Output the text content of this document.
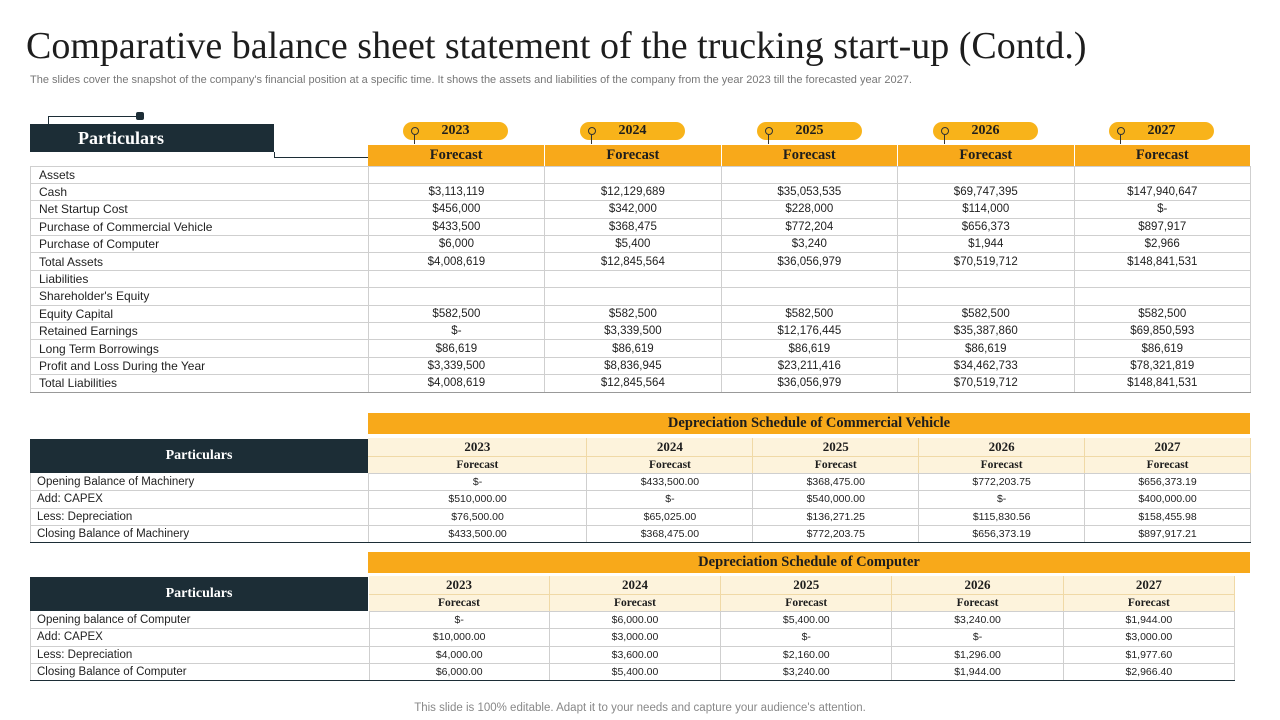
Comparative balance sheet statement of the trucking start-up (Contd.)
The slides cover the snapshot of the company's financial position at a specific time. It shows the assets and liabilities of the company from the year 2023 till the forecasted year 2027.
Particulars	2023	2024	2025	2026	2027
	Forecast	Forecast	Forecast	Forecast	Forecast
Assets					
Cash	$3,113,119	$12,129,689	$35,053,535	$69,747,395	$147,940,647
Net Startup Cost	$456,000	$342,000	$228,000	$114,000	$-
Purchase of Commercial Vehicle	$433,500	$368,475	$772,204	$656,373	$897,917
Purchase of Computer	$6,000	$5,400	$3,240	$1,944	$2,966
Total Assets	$4,008,619	$12,845,564	$36,056,979	$70,519,712	$148,841,531
Liabilities					
Shareholder's Equity					
Equity Capital	$582,500	$582,500	$582,500	$582,500	$582,500
Retained Earnings	$-	$3,339,500	$12,176,445	$35,387,860	$69,850,593
Long Term Borrowings	$86,619	$86,619	$86,619	$86,619	$86,619
Profit and Loss During the Year	$3,339,500	$8,836,945	$23,211,416	$34,462,733	$78,321,819
Total Liabilities	$4,008,619	$12,845,564	$36,056,979	$70,519,712	$148,841,531
Depreciation Schedule of Commercial Vehicle
Particulars
	2023	2024	2025	2026	2027
	Forecast	Forecast	Forecast	Forecast	Forecast
Opening Balance of Machinery	$-	$433,500.00	$368,475.00	$772,203.75	$656,373.19
Add: CAPEX	$510,000.00	$-	$540,000.00	$-	$400,000.00
Less: Depreciation	$76,500.00	$65,025.00	$136,271.25	$115,830.56	$158,455.98
Closing Balance of Machinery	$433,500.00	$368,475.00	$772,203.75	$656,373.19	$897,917.21
Depreciation Schedule of Computer
Particulars
	2023	2024	2025	2026	2027
	Forecast	Forecast	Forecast	Forecast	Forecast
Opening balance of Computer	$-	$6,000.00	$5,400.00	$3,240.00	$1,944.00
Add: CAPEX	$10,000.00	$3,000.00	$-	$-	$3,000.00
Less: Depreciation	$4,000.00	$3,600.00	$2,160.00	$1,296.00	$1,977.60
Closing Balance of Computer	$6,000.00	$5,400.00	$3,240.00	$1,944.00	$2,966.40
This slide is 100% editable. Adapt it to your needs and capture your audience's attention.
